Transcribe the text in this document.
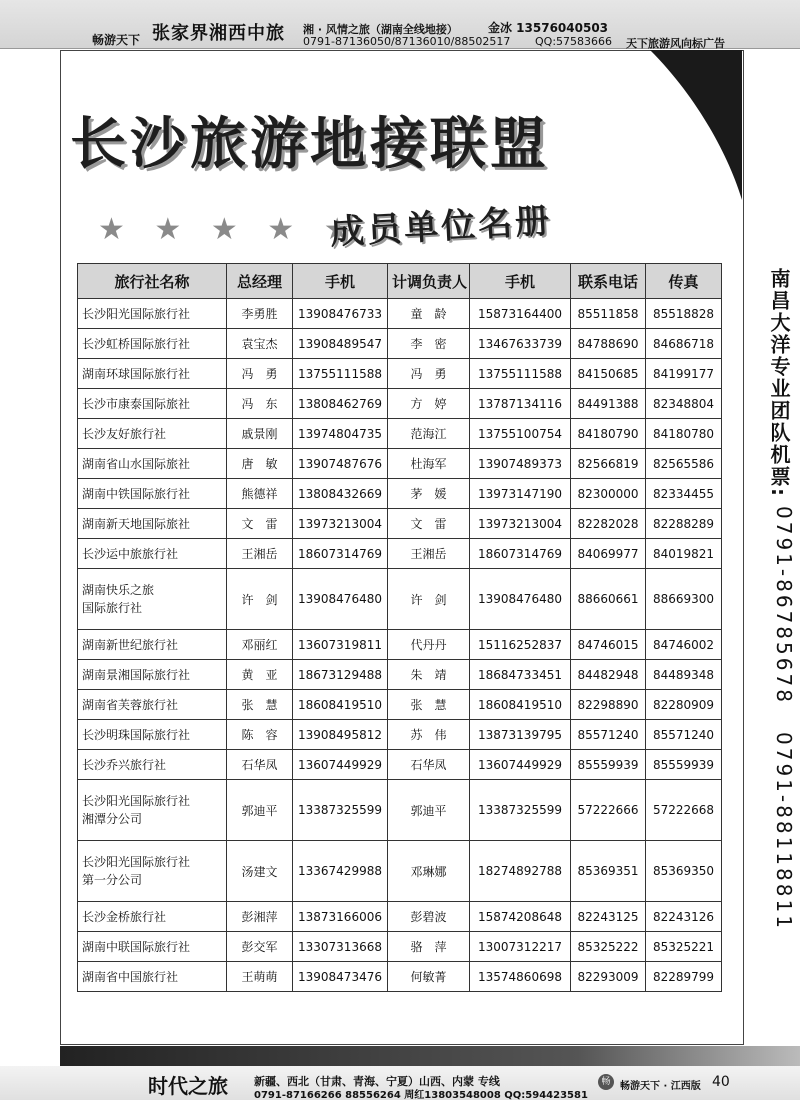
畅游天下 张家界湘西中旅 湘 · 风情之旅（湖南全线地接）	金冰 13576040503
0791-87136050/87136010/88502517 QQ:57583666 天下旅游风向标广告
长沙旅游地接联盟
★ ★ ★ ★ ★
成员单位名册
旅行社名称	总经理	手机	计调负责人	手机	联系电话	传真
长沙阳光国际旅行社	李勇胜	13908476733	童　龄	15873164400	85511858	85518828
长沙虹桥国际旅行社	袁宝杰	13908489547	李　密	13467633739	84788690	84686718
湖南环球国际旅行社	冯　勇	13755111588	冯　勇	13755111588	84150685	84199177
长沙市康泰国际旅社	冯　东	13808462769	方　婷	13787134116	84491388	82348804
长沙友好旅行社	戚景刚	13974804735	范海江	13755100754	84180790	84180780
湖南省山水国际旅社	唐　敏	13907487676	杜海军	13907489373	82566819	82565586
湖南中铁国际旅行社	熊德祥	13808432669	茅　媛	13973147190	82300000	82334455
湖南新天地国际旅社	文　雷	13973213004	文　雷	13973213004	82282028	82288289
长沙运中旅旅行社	王湘岳	18607314769	王湘岳	18607314769	84069977	84019821
湖南快乐之旅
国际旅行社	许　剑	13908476480	许　剑	13908476480	88660661	88669300
湖南新世纪旅行社	邓丽红	13607319811	代丹丹	15116252837	84746015	84746002
湖南景湘国际旅行社	黄　亚	18673129488	朱　靖	18684733451	84482948	84489348
湖南省芙蓉旅行社	张　慧	18608419510	张　慧	18608419510	82298890	82280909
长沙明珠国际旅行社	陈　容	13908495812	苏　伟	13873139795	85571240	85571240
长沙乔兴旅行社	石华凤	13607449929	石华凤	13607449929	85559939	85559939
长沙阳光国际旅行社
湘潭分公司	郭迪平	13387325599	郭迪平	13387325599	57222666	57222668
长沙阳光国际旅行社
第一分公司	汤建文	13367429988	邓琳娜	18274892788	85369351	85369350
长沙金桥旅行社	彭湘萍	13873166006	彭碧波	15874208648	82243125	82243126
湖南中联国际旅行社	彭交军	13307313668	骆　萍	13007312217	85325222	85325221
湖南省中国旅行社	王萌萌	13908473476	何敏菁	13574860698	82293009	82289799
南昌大洋专业团队机票:
0791-86785678 0791-88118811
时代之旅 新疆、西北（甘肃、青海、宁夏）山西、内蒙 专线
0791-87166266 88556264 周红13803548008 QQ:594423581
畅 畅游天下 · 江西版 40
